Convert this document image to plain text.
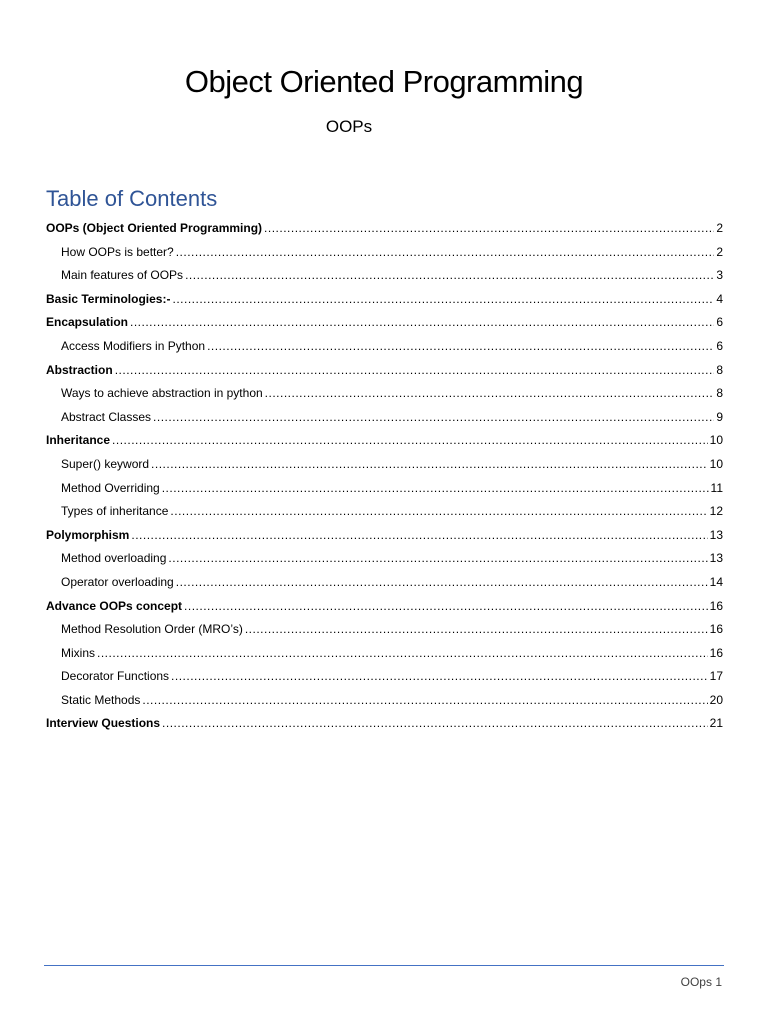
Object Oriented Programming
OOPs
Table of Contents
OOPs (Object Oriented Programming) .....	2
How OOPs is better? .....	2
Main features of OOPs .....	3
Basic Terminologies:- .....	4
Encapsulation .....	6
Access Modifiers in Python .....	6
Abstraction .....	8
Ways to achieve abstraction in python .....	8
Abstract Classes .....	9
Inheritance .....	10
Super() keyword .....	10
Method Overriding .....	11
Types of inheritance .....	12
Polymorphism .....	13
Method overloading .....	13
Operator overloading .....	14
Advance OOPs concept .....	16
Method Resolution Order (MRO’s) .....	16
Mixins .....	16
Decorator Functions .....	17
Static Methods .....	20
Interview Questions .....	21
OOps 1
